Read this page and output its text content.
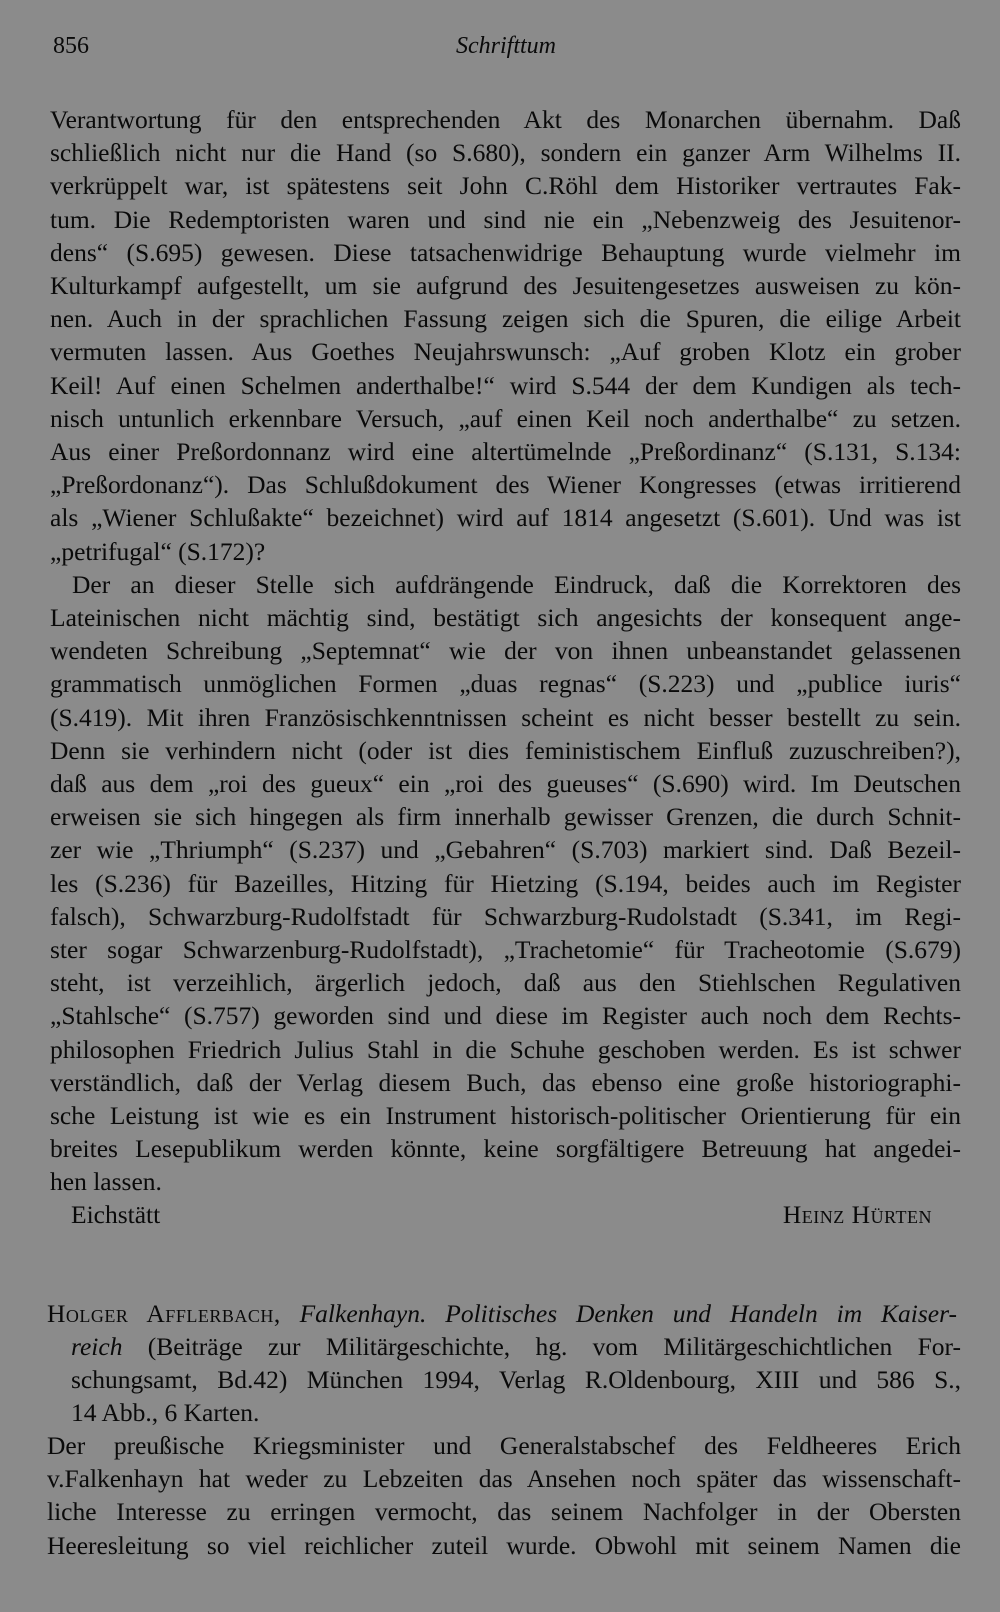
856	Schrifttum
Verantwortung für den entsprechenden Akt des Monarchen übernahm. Daß
schließlich nicht nur die Hand (so S.680), sondern ein ganzer Arm Wilhelms II.
verkrüppelt war, ist spätestens seit John C.Röhl dem Historiker vertrautes Fak-
tum. Die Redemptoristen waren und sind nie ein „Nebenzweig des Jesuitenor-
dens“ (S.695) gewesen. Diese tatsachenwidrige Behauptung wurde vielmehr im
Kulturkampf aufgestellt, um sie aufgrund des Jesuitengesetzes ausweisen zu kön-
nen. Auch in der sprachlichen Fassung zeigen sich die Spuren, die eilige Arbeit
vermuten lassen. Aus Goethes Neujahrswunsch: „Auf groben Klotz ein grober
Keil! Auf einen Schelmen anderthalbe!“ wird S.544 der dem Kundigen als tech-
nisch untunlich erkennbare Versuch, „auf einen Keil noch anderthalbe“ zu setzen.
Aus einer Preßordonnanz wird eine altertümelnde „Preßordinanz“ (S.131, S.134:
„Preßordonanz“). Das Schlußdokument des Wiener Kongresses (etwas irritierend
als „Wiener Schlußakte“ bezeichnet) wird auf 1814 angesetzt (S.601). Und was ist
„petrifugal“ (S.172)?
Der an dieser Stelle sich aufdrängende Eindruck, daß die Korrektoren des
Lateinischen nicht mächtig sind, bestätigt sich angesichts der konsequent ange-
wendeten Schreibung „Septemnat“ wie der von ihnen unbeanstandet gelassenen
grammatisch unmöglichen Formen „duas regnas“ (S.223) und „publice iuris“
(S.419). Mit ihren Französischkenntnissen scheint es nicht besser bestellt zu sein.
Denn sie verhindern nicht (oder ist dies feministischem Einfluß zuzuschreiben?),
daß aus dem „roi des gueux“ ein „roi des gueuses“ (S.690) wird. Im Deutschen
erweisen sie sich hingegen als firm innerhalb gewisser Grenzen, die durch Schnit-
zer wie „Thriumph“ (S.237) und „Gebahren“ (S.703) markiert sind. Daß Bezeil-
les (S.236) für Bazeilles, Hitzing für Hietzing (S.194, beides auch im Register
falsch), Schwarzburg-Rudolfstadt für Schwarzburg-Rudolstadt (S.341, im Regi-
ster sogar Schwarzenburg-Rudolfstadt), „Trachetomie“ für Tracheotomie (S.679)
steht, ist verzeihlich, ärgerlich jedoch, daß aus den Stiehlschen Regulativen
„Stahlsche“ (S.757) geworden sind und diese im Register auch noch dem Rechts-
philosophen Friedrich Julius Stahl in die Schuhe geschoben werden. Es ist schwer
verständlich, daß der Verlag diesem Buch, das ebenso eine große historiographi-
sche Leistung ist wie es ein Instrument historisch-politischer Orientierung für ein
breites Lesepublikum werden könnte, keine sorgfältigere Betreuung hat angedei-
hen lassen.
Eichstätt	Heinz Hürten
Holger Afflerbach, Falkenhayn. Politisches Denken und Handeln im Kaiser-
reich (Beiträge zur Militärgeschichte, hg. vom Militärgeschichtlichen For-
schungsamt, Bd.42) München 1994, Verlag R.Oldenbourg, XIII und 586 S.,
14 Abb., 6 Karten.
Der preußische Kriegsminister und Generalstabschef des Feldheeres Erich
v.Falkenhayn hat weder zu Lebzeiten das Ansehen noch später das wissenschaft-
liche Interesse zu erringen vermocht, das seinem Nachfolger in der Obersten
Heeresleitung so viel reichlicher zuteil wurde. Obwohl mit seinem Namen die
